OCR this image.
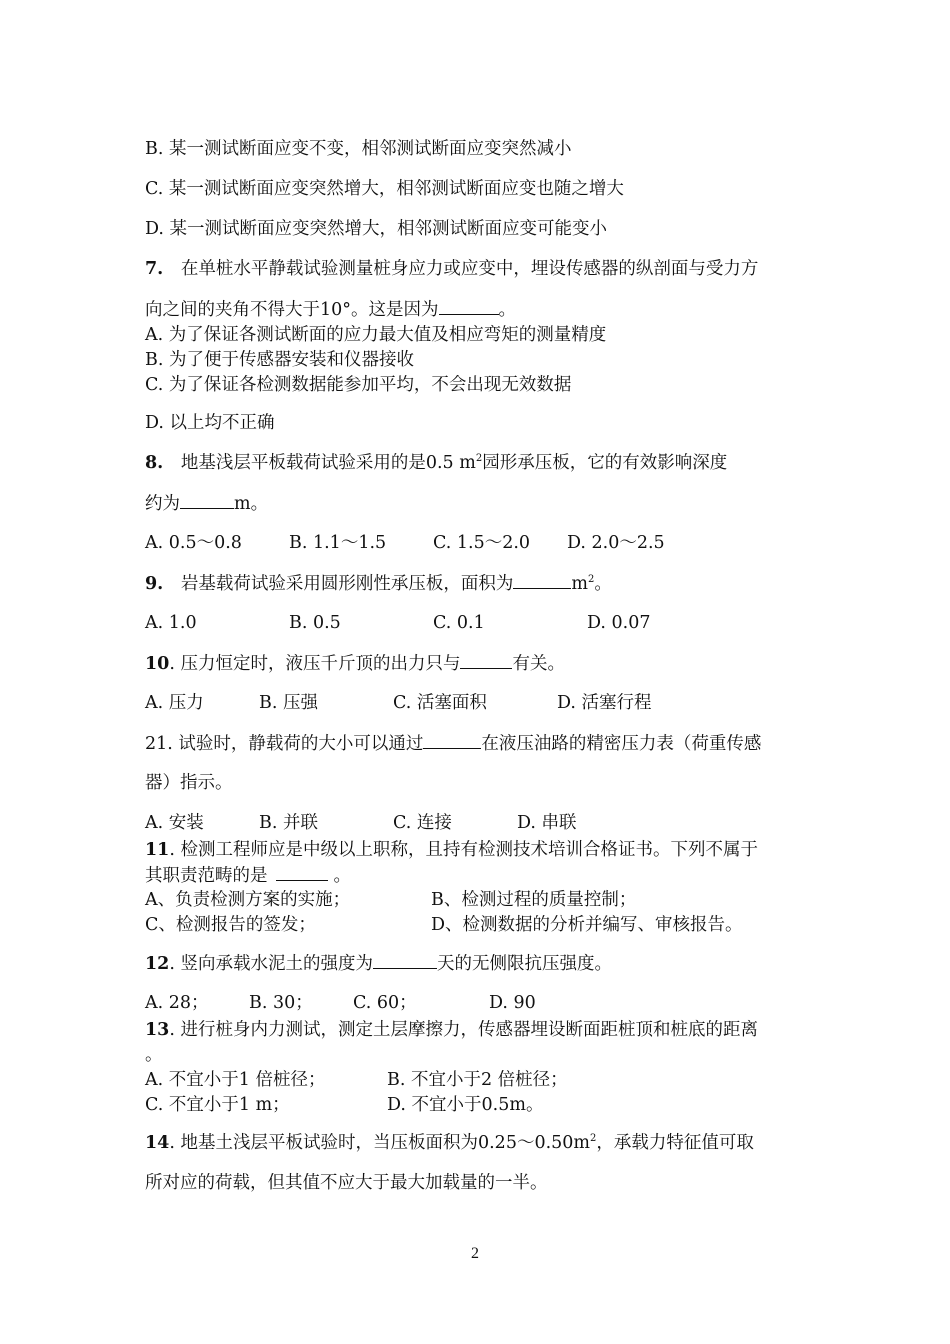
B. 某一测试断面应变不变，相邻测试断面应变突然减小
C. 某一测试断面应变突然增大，相邻测试断面应变也随之增大
D. 某一测试断面应变突然增大，相邻测试断面应变可能变小
7. 在单桩水平静载试验测量桩身应力或应变中，埋设传感器的纵剖面与受力方
向之间的夹角不得大于10°。这是因为	。
A. 为了保证各测试断面的应力最大值及相应弯矩的测量精度
B. 为了便于传感器安装和仪器接收
C. 为了保证各检测数据能参加平均，不会出现无效数据
D. 以上均不正确
8. 地基浅层平板载荷试验采用的是0.5 $m^2$园形承压板，它的有效影响深度
约为	m。
A. 0.5～0.8	B. 1.1～1.5	C. 1.5～2.0 D. 2.0～2.5
9. 岩基载荷试验采用圆形刚性承压板，面积为	$m^2$。
A. 1.0	B. 0.5	C. 0.1	D. 0.07
10. 压力恒定时，液压千斤顶的出力只与	有关。
A. 压力	B. 压强	C. 活塞面积	D. 活塞行程
21. 试验时，静载荷的大小可以通过	在液压油路的精密压力表（荷重传感
器）指示。
A. 安装	B. 并联	C. 连接	D. 串联
11. 检测工程师应是中级以上职称，且持有检测技术培训合格证书。下列不属于
其职责范畴的是	。
A、负责检测方案的实施；	B、检测过程的质量控制；
C、检测报告的签发；	D、检测数据的分析并编写、审核报告。
12. 竖向承载水泥土的强度为	天的无侧限抗压强度。
A. 28； B. 30； C. 60；	D. 90
13. 进行桩身内力测试，测定土层摩擦力，传感器埋设断面距桩顶和桩底的距离
。
A. 不宜小于1 倍桩径；	B. 不宜小于2 倍桩径；
C. 不宜小于1 m；	D. 不宜小于0.5m。
14. 地基土浅层平板试验时，当压板面积为$0.25\sim 0.50m^2$，承载力特征值可取
所对应的荷载，但其值不应大于最大加载量的一半。
2
